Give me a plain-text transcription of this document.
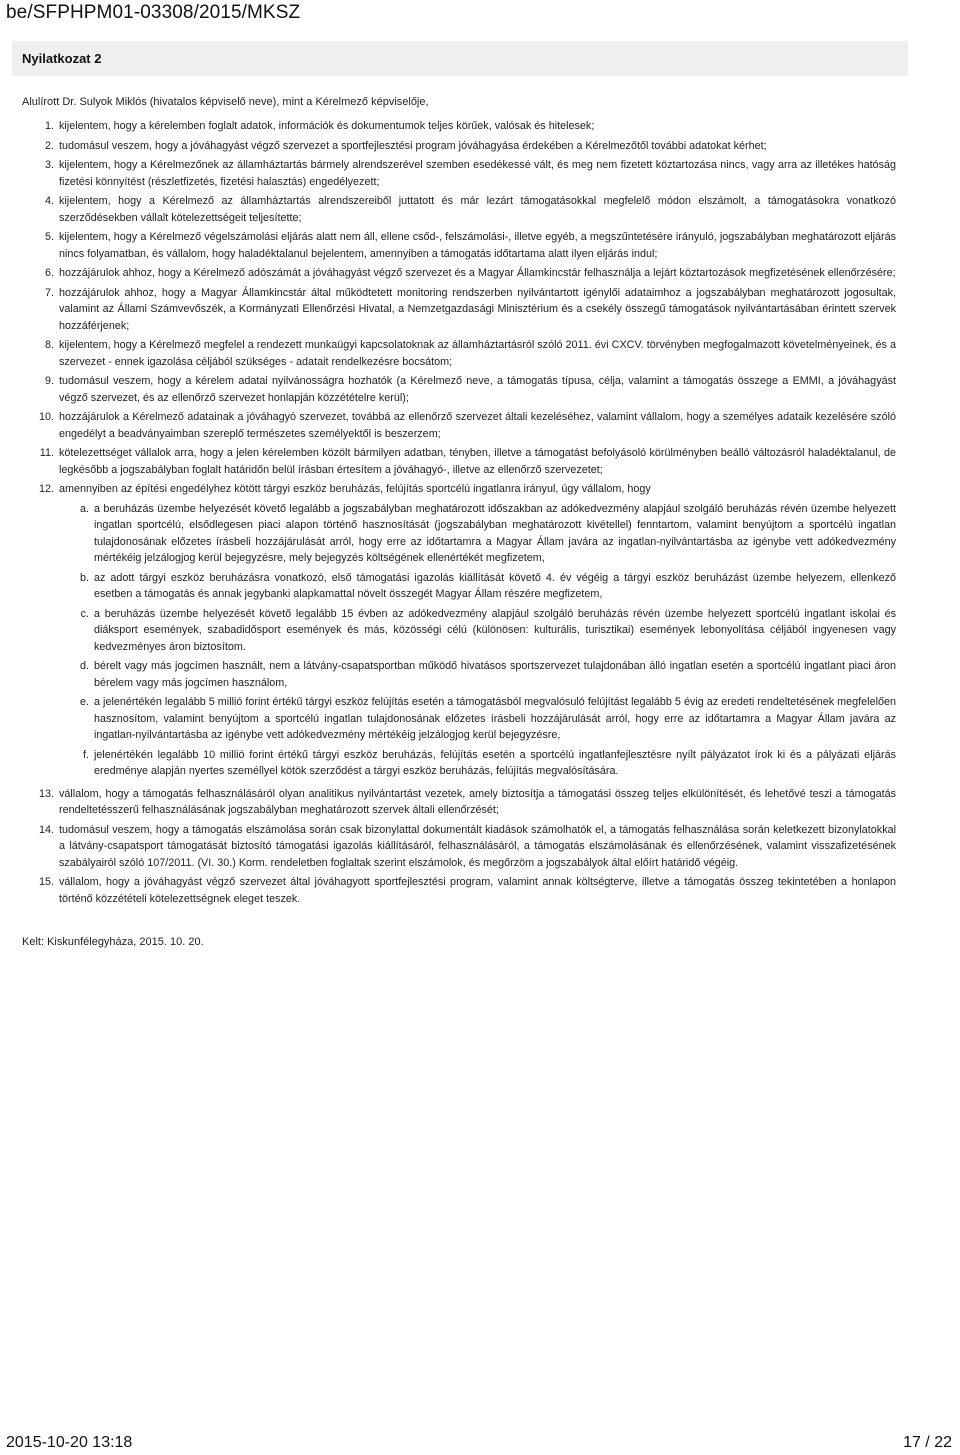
be/SFPHPM01-03308/2015/MKSZ
Nyilatkozat 2
Alulírott Dr. Sulyok Miklós (hivatalos képviselő neve), mint a Kérelmező képviselője,
1. kijelentem, hogy a kérelemben foglalt adatok, információk és dokumentumok teljes körűek, valósak és hitelesek;
2. tudomásul veszem, hogy a jóváhagyást végző szervezet a sportfejlesztési program jóváhagyása érdekében a Kérelmezőtől további adatokat kérhet;
3. kijelentem, hogy a Kérelmezőnek az államháztartás bármely alrendszerével szemben esedékessé vált, és meg nem fizetett köztartozása nincs, vagy arra az illetékes hatóság fizetési könnyítést (részletfizetés, fizetési halasztás) engedélyezett;
4. kijelentem, hogy a Kérelmező az államháztartás alrendszereiből juttatott és már lezárt támogatásokkal megfelelő módon elszámolt, a támogatásokra vonatkozó szerződésekben vállalt kötelezettségeit teljesítette;
5. kijelentem, hogy a Kérelmező végelszámolási eljárás alatt nem áll, ellene csőd-, felszámolási-, illetve egyéb, a megszűntetésére irányuló, jogszabályban meghatározott eljárás nincs folyamatban, és vállalom, hogy haladéktalanul bejelentem, amennyiben a támogatás időtartama alatt ilyen eljárás indul;
6. hozzájárulok ahhoz, hogy a Kérelmező adószámát a jóváhagyást végző szervezet és a Magyar Államkincstár felhasználja a lejárt köztartozások megfizetésének ellenőrzésére;
7. hozzájárulok ahhoz, hogy a Magyar Államkincstár által működtetett monitoring rendszerben nyilvántartott igénylői adataimhoz a jogszabályban meghatározott jogosultak, valamint az Állami Számvevőszék, a Kormányzati Ellenőrzési Hivatal, a Nemzetgazdasági Minisztérium és a csekély összegű támogatások nyilvántartásában érintett szervek hozzáférjenek;
8. kijelentem, hogy a Kérelmező megfelel a rendezett munkaügyi kapcsolatoknak az államháztartásról szóló 2011. évi CXCV. törvényben megfogalmazott követelményeinek, és a szervezet - ennek igazolása céljából szükséges - adatait rendelkezésre bocsátom;
9. tudomásul veszem, hogy a kérelem adatai nyilvánosságra hozhatók (a Kérelmező neve, a támogatás típusa, célja, valamint a támogatás összege a EMMI, a jóváhagyást végző szervezet, és az ellenőrző szervezet honlapján közzétételre kerül);
10. hozzájárulok a Kérelmező adatainak a jóváhagyó szervezet, továbbá az ellenőrző szervezet általi kezeléséhez, valamint vállalom, hogy a személyes adataik kezelésére szóló engedélyt a beadványaimban szereplő természetes személyektől is beszerzem;
11. kötelezettséget vállalok arra, hogy a jelen kérelemben közölt bármilyen adatban, tényben, illetve a támogatást befolyásoló körülményben beálló változásról haladéktalanul, de legkésőbb a jogszabályban foglalt határidőn belül írásban értesítem a jóváhagyó-, illetve az ellenőrző szervezetet;
12. amennyiben az építési engedélyhez kötött tárgyi eszköz beruházás, felújítás sportcélú ingatlanra irányul, úgy vállalom, hogy
a. a beruházás üzembe helyezését követő legalább a jogszabályban meghatározott időszakban az adókedvezmény alapjául szolgáló beruházás révén üzembe helyezett ingatlan sportcélú, elsődlegesen piaci alapon történő hasznosítását (jogszabályban meghatározott kivétellel) fenntartom, valamint benyújtom a sportcélú ingatlan tulajdonosának előzetes írásbeli hozzájárulását arról, hogy erre az időtartamra a Magyar Állam javára az ingatlan-nyilvántartásba az igénybe vett adókedvezmény mértékéig jelzálogjog kerül bejegyzésre, mely bejegyzés költségének ellenértékét megfizetem,
b. az adott tárgyi eszköz beruházásra vonatkozó, első támogatási igazolás kiállítását követő 4. év végéig a tárgyi eszköz beruházást üzembe helyezem, ellenkező esetben a támogatás és annak jegybanki alapkamattal növelt összegét Magyar Állam részére megfizetem,
c. a beruházás üzembe helyezését követő legalább 15 évben az adókedvezmény alapjául szolgáló beruházás révén üzembe helyezett sportcélú ingatlant iskolai és diáksport események, szabadidősport események és más, közösségi célú (különösen: kulturális, turisztikai) események lebonyolítása céljából ingyenesen vagy kedvezményes áron biztosítom.
d. bérelt vagy más jogcímen használt, nem a látvány-csapatsportban működő hivatásos sportszervezet tulajdonában álló ingatlan esetén a sportcélú ingatlant piaci áron bérelem vagy más jogcímen használom,
e. a jelenértékén legalább 5 millió forint értékű tárgyi eszköz felújítás esetén a támogatásból megvalósuló felújítást legalább 5 évig az eredeti rendeltetésének megfelelően hasznosítom, valamint benyújtom a sportcélú ingatlan tulajdonosának előzetes írásbeli hozzájárulását arról, hogy erre az időtartamra a Magyar Állam javára az ingatlan-nyilvántartásba az igénybe vett adókedvezmény mértékéig jelzálogjog kerül bejegyzésre,
f. jelenértékén legalább 10 millió forint értékű tárgyi eszköz beruházás, felújítás esetén a sportcélú ingatlanfejlesztésre nyílt pályázatot írok ki és a pályázati eljárás eredménye alapján nyertes személlyel kötök szerződést a tárgyi eszköz beruházás, felújítás megvalósítására.
13. vállalom, hogy a támogatás felhasználásáról olyan analitikus nyilvántartást vezetek, amely biztosítja a támogatási összeg teljes elkülönítését, és lehetővé teszi a támogatás rendeltetésszerű felhasználásának jogszabályban meghatározott szervek általi ellenőrzését;
14. tudomásul veszem, hogy a támogatás elszámolása során csak bizonylattal dokumentált kiadások számolhatók el, a támogatás felhasználása során keletkezett bizonylatokkal a látvány-csapatsport támogatását biztosító támogatási igazolás kiállításáról, felhasználásáról, a támogatás elszámolásának és ellenőrzésének, valamint visszafizetésének szabályairól szóló 107/2011. (VI. 30.) Korm. rendeletben foglaltak szerint elszámolok, és megőrzöm a jogszabályok által előírt határidő végéig.
15. vállalom, hogy a jóváhagyást végző szervezet által jóváhagyott sportfejlesztési program, valamint annak költségterve, illetve a támogatás összeg tekintetében a honlapon történő közzétételi kötelezettségnek eleget teszek.
Kelt: Kiskunfélegyháza, 2015. 10. 20.
2015-10-20 13:18	17 / 22
